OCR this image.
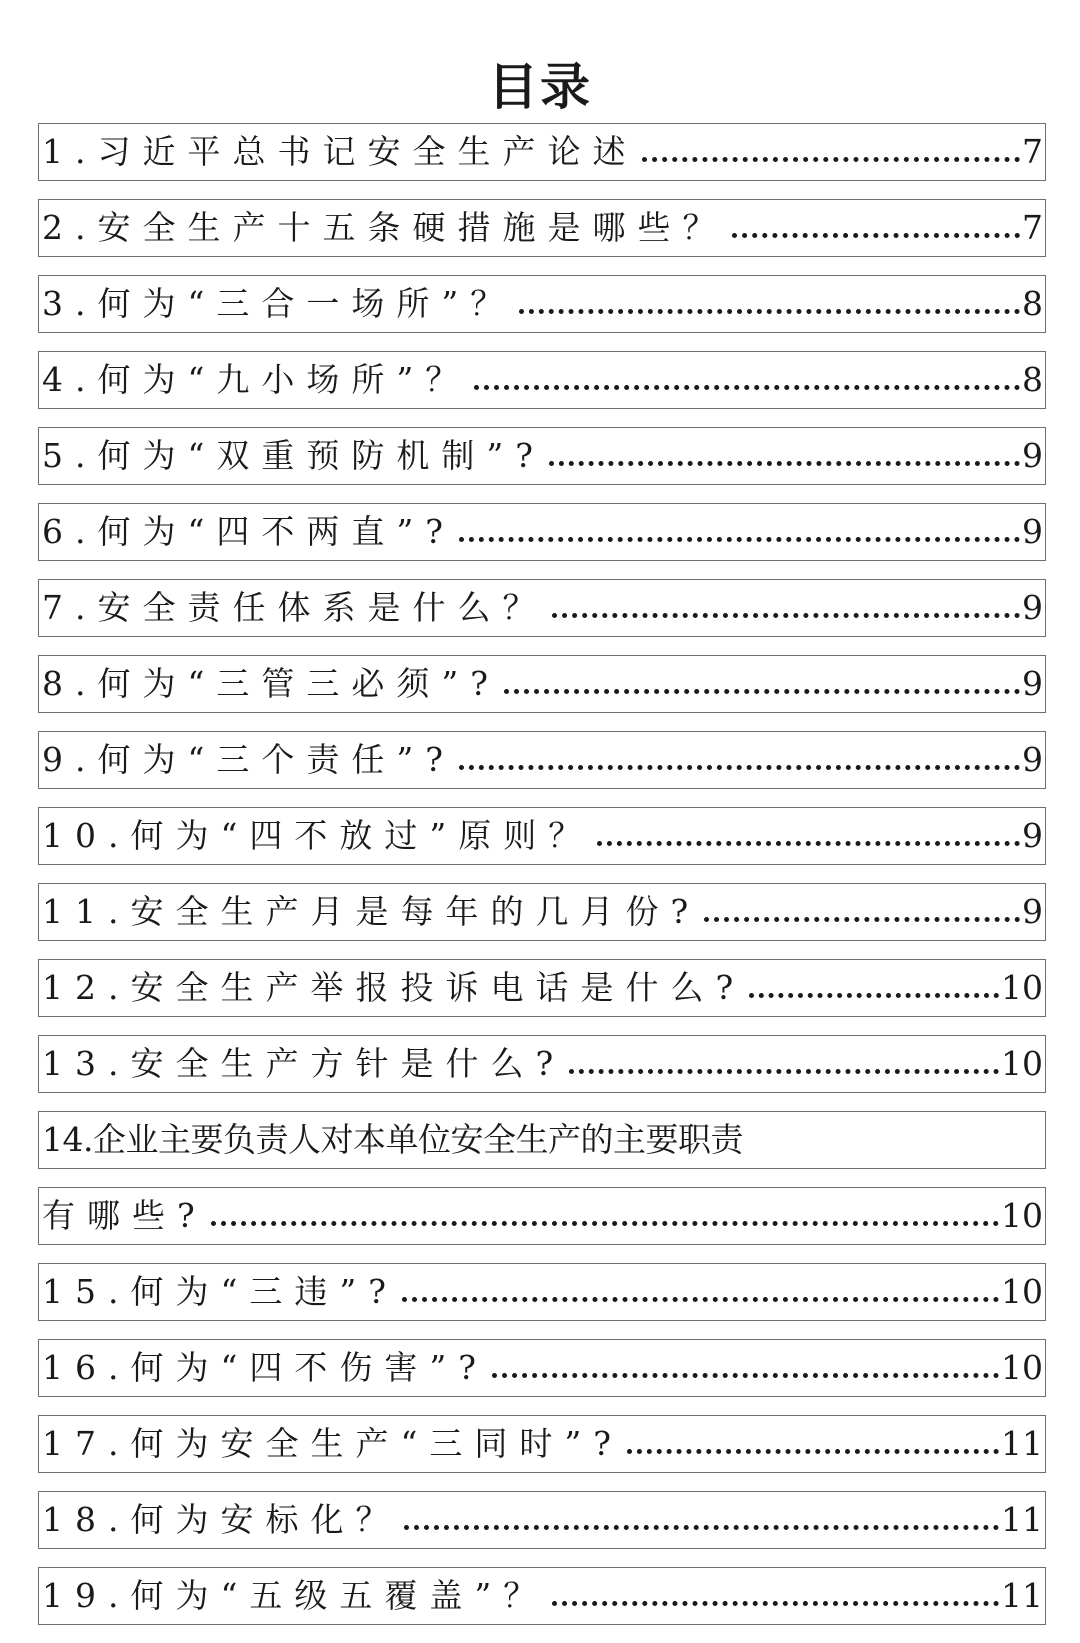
目录
1.习近平总书记安全生产论述	7
2.安全生产十五条硬措施是哪些？	7
3.何为“三合一场所”？	8
4.何为“九小场所”？	8
5.何为“双重预防机制”?	9
6.何为“四不两直”?	9
7.安全责任体系是什么？	9
8.何为“三管三必须”?	9
9.何为“三个责任”?	9
10.何为“四不放过”原则？	9
11.安全生产月是每年的几月份?	9
12.安全生产举报投诉电话是什么?	10
13.安全生产方针是什么?	10
14.企业主要负责人对本单位安全生产的主要职责
有哪些?	10
15.何为“三违”?	10
16.何为“四不伤害”?	10
17.何为安全生产“三同时”?	11
18.何为安标化？	11
19.何为“五级五覆盖”？	11
